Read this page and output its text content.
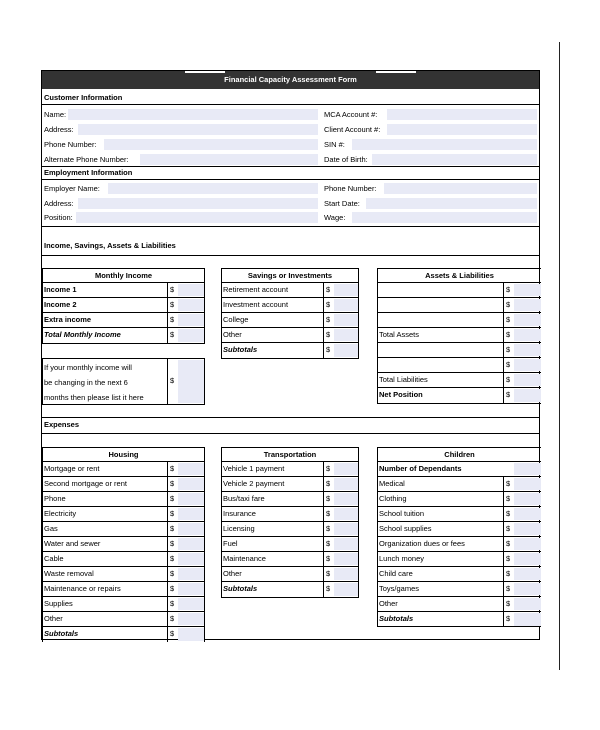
Financial Capacity Assessment Form
Customer Information
Name:	MCA Account #:
Address:	Client Account #:
Phone Number:	SIN #:
Alternate Phone Number:	Date of Birth:
Employment Information
Employer Name:	Phone Number:
Address:	Start Date:
Position:	Wage:
Income, Savings, Assets & Liabilities
Monthly Income
Income 1	$
Income 2	$
Extra income	$
Total Monthly Income	$
If your monthly income will
be changing in the next 6
months then please list it here
$
Savings or Investments
Retirement account	$
Investment account	$
College	$
Other	$
Subtotals	$
Assets & Liabilities
$
$
$
Total Assets	$
$
$
Total Liabilities	$
Net Position	$
Expenses
Housing
Mortgage or rent	$
Second mortgage or rent	$
Phone	$
Electricity	$
Gas	$
Water and sewer	$
Cable	$
Waste removal	$
Maintenance or repairs	$
Supplies	$
Other	$
Subtotals	$
Transportation
Vehicle 1 payment	$
Vehicle 2 payment	$
Bus/taxi fare	$
Insurance	$
Licensing	$
Fuel	$
Maintenance	$
Other	$
Subtotals	$
Children
Number of Dependants
Medical	$
Clothing	$
School tuition	$
School supplies	$
Organization dues or fees	$
Lunch money	$
Child care	$
Toys/games	$
Other	$
Subtotals	$
